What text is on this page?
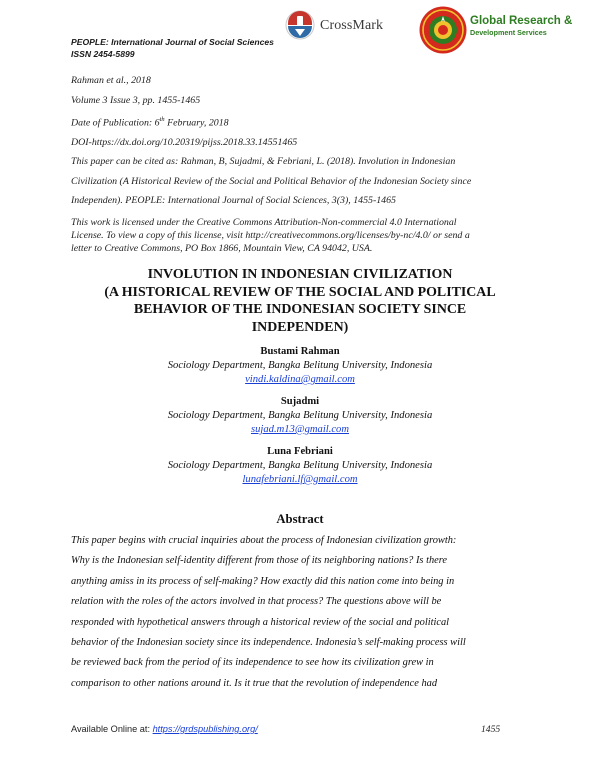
PEOPLE: International Journal of Social Sciences
ISSN 2454-5899
CrossMark	Global Research &
Development Services
Rahman et al., 2018
Volume 3 Issue 3, pp. 1455-1465
Date of Publication: 6th February, 2018
DOI-https://dx.doi.org/10.20319/pijss.2018.33.14551465
This paper can be cited as: Rahman, B, Sujadmi, & Febriani, L. (2018). Involution in Indonesian
Civilization (A Historical Review of the Social and Political Behavior of the Indonesian Society since
Independen). PEOPLE: International Journal of Social Sciences, 3(3), 1455-1465
This work is licensed under the Creative Commons Attribution-Non-commercial 4.0 International
License. To view a copy of this license, visit http://creativecommons.org/licenses/by-nc/4.0/ or send a
letter to Creative Commons, PO Box 1866, Mountain View, CA 94042, USA.
INVOLUTION IN INDONESIAN CIVILIZATION
(A HISTORICAL REVIEW OF THE SOCIAL AND POLITICAL
BEHAVIOR OF THE INDONESIAN SOCIETY SINCE
INDEPENDEN)
Bustami Rahman
Sociology Department, Bangka Belitung University, Indonesia
vindi.kaldina@gmail.com
Sujadmi
Sociology Department, Bangka Belitung University, Indonesia
sujad.m13@gmail.com
Luna Febriani
Sociology Department, Bangka Belitung University, Indonesia
lunafebriani.lf@gmail.com
Abstract
This paper begins with crucial inquiries about the process of Indonesian civilization growth:
Why is the Indonesian self-identity different from those of its neighboring nations? Is there
anything amiss in its process of self-making? How exactly did this nation come into being in
relation with the roles of the actors involved in that process? The questions above will be
responded with hypothetical answers through a historical review of the social and political
behavior of the Indonesian society since its independence. Indonesia’s self-making process will
be reviewed back from the period of its independence to see how its civilization grew in
comparison to other nations around it. Is it true that the revolution of independence had
Available Online at: https://grdspublishing.org/	1455
